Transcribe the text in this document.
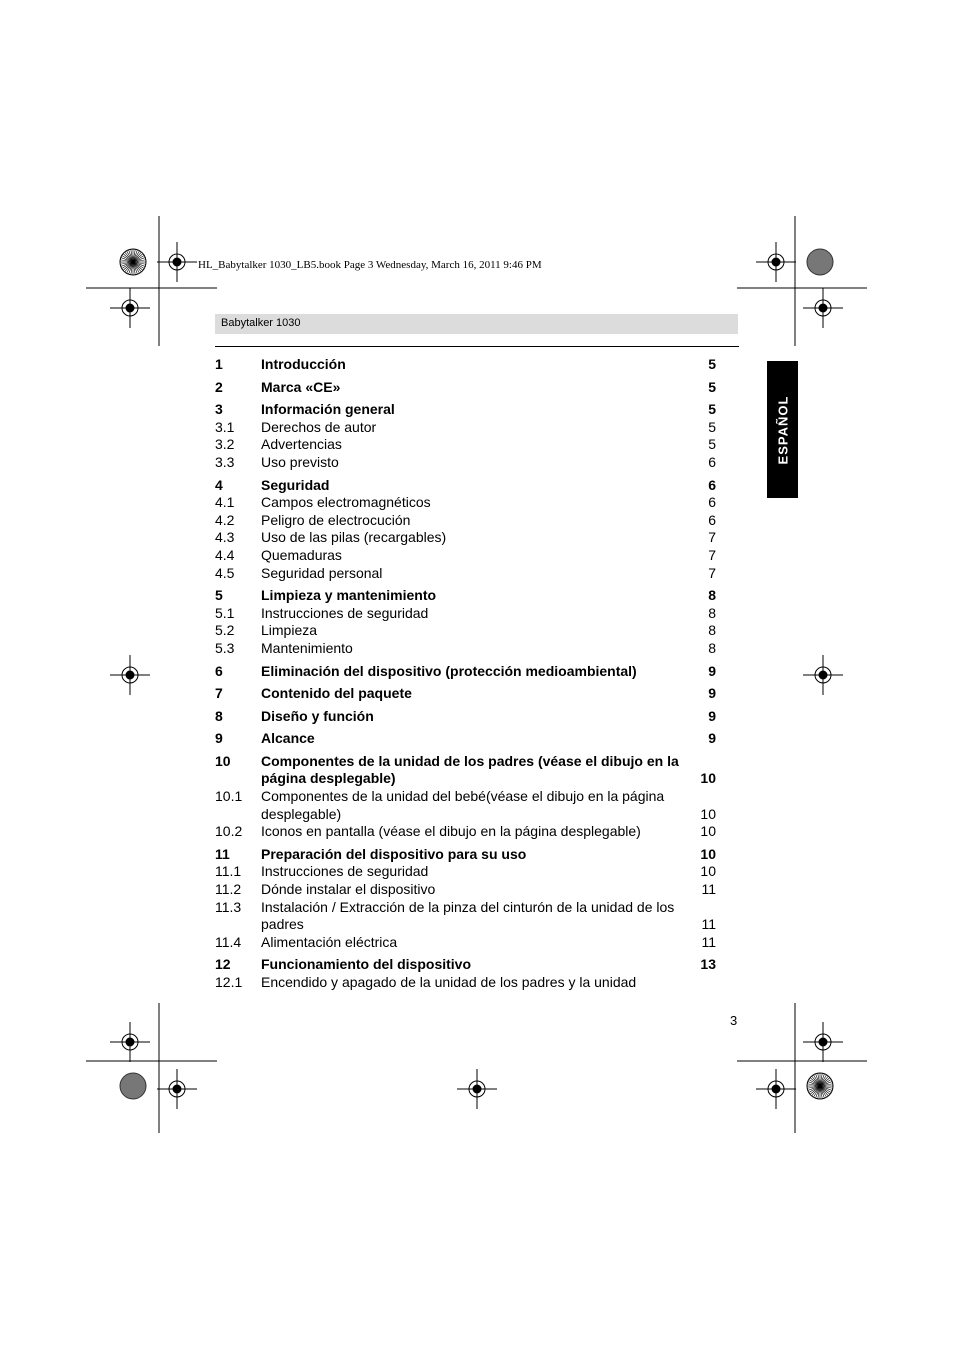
HL_Babytalker 1030_LB5.book Page 3 Wednesday, March 16, 2011 9:46 PM
Babytalker 1030
ESPAÑOL
1	Introducción	5
2	Marca «CE»	5
3	Información general	5
3.1	Derechos de autor	5
3.2	Advertencias	5
3.3	Uso previsto	6
4	Seguridad	6
4.1	Campos electromagnéticos	6
4.2	Peligro de electrocución	6
4.3	Uso de las pilas (recargables)	7
4.4	Quemaduras	7
4.5	Seguridad personal	7
5	Limpieza y mantenimiento	8
5.1	Instrucciones de seguridad	8
5.2	Limpieza	8
5.3	Mantenimiento	8
6	Eliminación del dispositivo (protección medioambiental)	9
7	Contenido del paquete	9
8	Diseño y función	9
9	Alcance	9
10	Componentes de la unidad de los padres (véase el dibujo en la página desplegable)	10
10.1	Componentes de la unidad del bebé(véase el dibujo en la página desplegable)	10
10.2	Iconos en pantalla (véase el dibujo en la página desplegable)	10
11	Preparación del dispositivo para su uso	10
11.1	Instrucciones de seguridad	10
11.2	Dónde instalar el dispositivo	11
11.3	Instalación / Extracción de la pinza del cinturón de la unidad de los padres	11
11.4	Alimentación eléctrica	11
12	Funcionamiento del dispositivo	13
12.1	Encendido y apagado de la unidad de los padres y la unidad
3
